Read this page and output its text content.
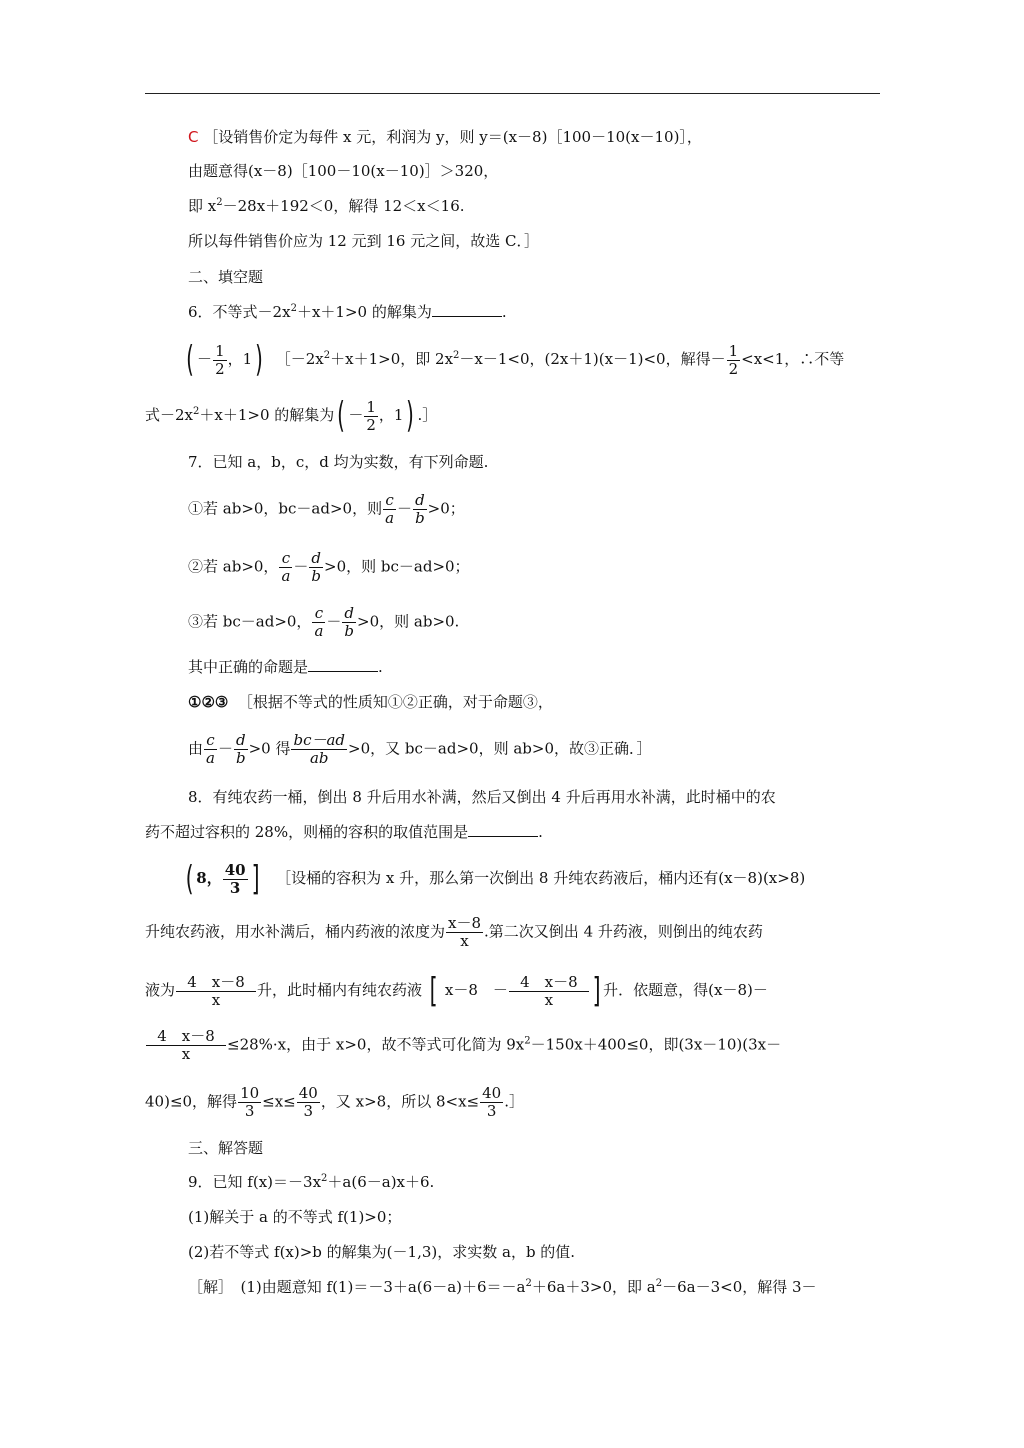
C ［设销售价定为每件 x 元，利润为 y，则 y＝(x－8)［100－10(x－10)］，
由题意得(x－8)［100－10(x－10)］＞320，
即 $x^2-28x+192<0$，解得 12＜x＜16.
所以每件销售价应为 12 元到 16 元之间，故选 C．］
二、填空题
6．不等式$-2x^2+x+1>0$ 的解集为	.
( － $\frac{1}{2}$ ，1) $[-2x^2+x+1>0$，即 $2x^2-x-1<0$，(2x＋1)(x－1)<0，解得－ $\frac{1}{2} <x<1$，∴不等
式$-2x^2+x+1>0$ 的解集为( － $\frac{1}{2}$ ，1) .］
7．已知 a，b，c，d 均为实数，有下列命题.
①若 ab>0，bc－ad>0，则 $\frac{c}{a} - \frac{d}{b} >0$；
②若 ab>0， $\frac{c}{a} - \frac{d}{b} >0$，则 bc－ad>0；
③若 bc－ad>0， $\frac{c}{a} - \frac{d}{b} >0$，则 ab>0.
其中正确的命题是	.
①②③ ［根据不等式的性质知①②正确，对于命题③，
由 $\frac{c}{a} - \frac{d}{b} >0$ 得 $\frac{bc-ad}{ab} >0$，又 bc－ad>0，则 ab>0，故③正确．］
8．有纯农药一桶，倒出 8 升后用水补满，然后又倒出 4 升后再用水补满，此时桶中的农
药不超过容积的 28%，则桶的容积的取值范围是	.
( 8， $\frac{40}{3}$ ] ［设桶的容积为 x 升，那么第一次倒出 8 升纯农药液后，桶内还有(x－8)(x>8)
升纯农药液，用水补满后，桶内药液的浓度为 $\frac{x-8}{x}$ .第二次又倒出 4 升药液，则倒出的纯农药
液为 $\frac{4 x-8}{x}$ 升，此时桶内有纯农药液 [ x－8　－ $\frac{4 x-8}{x}$ ] 升．依题意，得(x－8)－
$\frac{4 x-8}{x} \le 28\%\cdot x$，由于 x>0，故不等式可化简为 $9x^2-150x+400\le 0$，即(3x－10)(3x－
40)≤0，解得 $\frac{10}{3} \le x\le \frac{40}{3}$ ，又 x>8，所以 $8<x\le \frac{40}{3}$ .］
三、解答题
9．已知 $f(x)=-3x^2+a(6-a)x+6$.
(1)解关于 a 的不等式 f(1)>0；
(2)若不等式 f(x)>b 的解集为(－1,3)，求实数 a，b 的值.
［解］　(1)由题意知 $f(1)=-3+a(6-a)+6=-a^2+6a+3>0$，即 $a^2-6a-3<0$，解得 3－
